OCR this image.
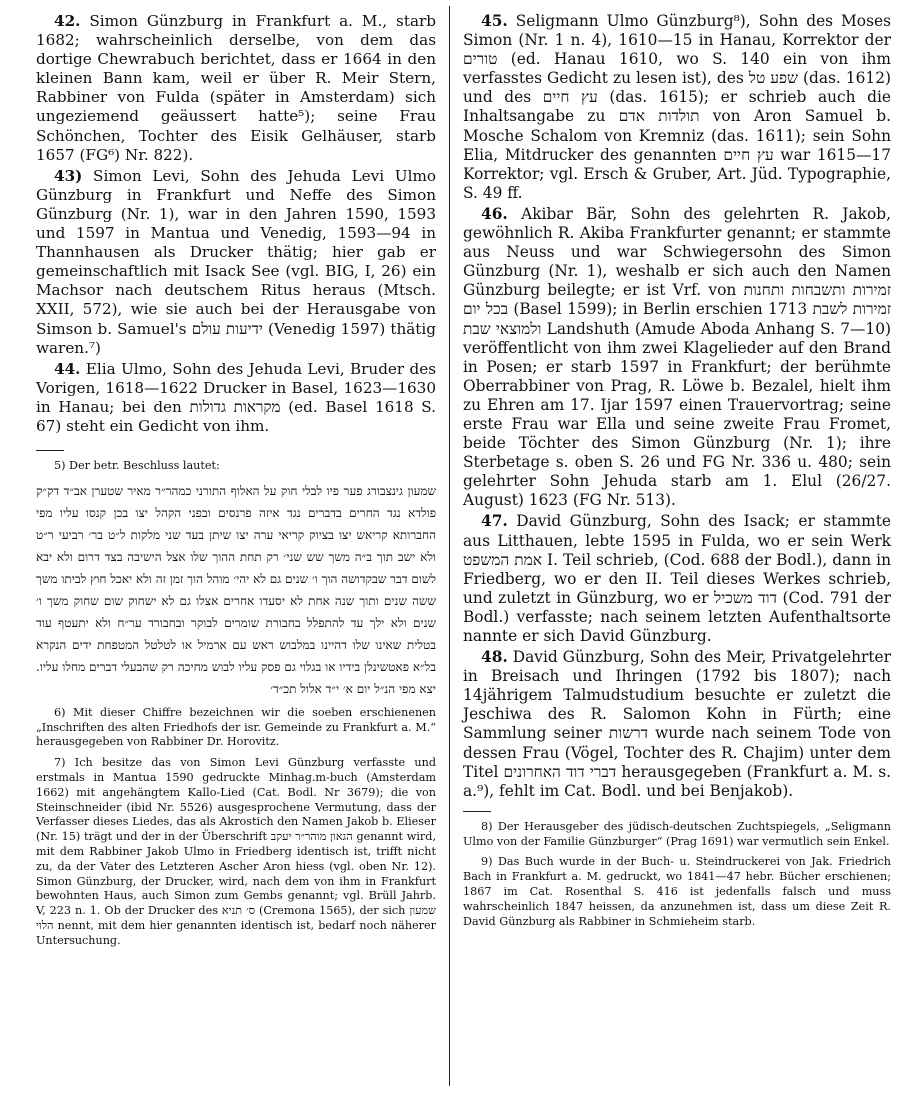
42. Simon Günzburg in Frankfurt a. M., starb 1682; wahrscheinlich derselbe, von dem das dortige Chewrabuch berichtet, dass er 1664 in den kleinen Bann kam, weil er über R. Meir Stern, Rabbiner von Fulda (später in Amsterdam) sich ungeziemend geäussert hatte⁵); seine Frau Schönchen, Tochter des Eisik Gelhäuser, starb 1657 (FG⁶) Nr. 822).

43) Simon Levi, Sohn des Jehuda Levi Ulmo Günzburg in Frankfurt und Neffe des Simon Günzburg (Nr. 1), war in den Jahren 1590, 1593 und 1597 in Mantua und Venedig, 1593—94 in Thannhausen als Drucker thätig; hier gab er gemeinschaftlich mit Isack See (vgl. BIG, I, 26) ein Machsor nach deutschem Ritus heraus (Mtsch. XXII, 572), wie sie auch bei der Herausgabe von Simson b. Samuel's ידיעות עולם (Venedig 1597) thätig waren.⁷)

44. Elia Ulmo, Sohn des Jehuda Levi, Bruder des Vorigen, 1618—1622 Drucker in Basel, 1623—1630 in Hanau; bei den מקראות גדולות (ed. Basel 1618 S. 67) steht ein Gedicht von ihm.

5) Der betr. Beschluss lautet:

שמעון גינצבורג פער פיו לבלי חוק על האלוף התורני כמהר״ר מאיר שטערן אב״ד דק״ק פולדא נגד החרים בדברים נגד איזה פרנסים ובפני הקהל יצו בכן קנסו עליו מפי החברותא קריאש יצו בציוק קריאי ערה יצו שיתן בעד שני מלקות ל״ט בר׳ רביעי ר״ט ולא ישב תוך ב״ה משך שש שני׳ רק תחת ההוך שלו אצל הישיבה בצד דרום ולא יבא לשום דבר שבקדושה הוך ו׳ שנים גם לא יהי׳ מוהל הוך זמן זה ולא יאכל חוץ לביתו משך ששה שנים ותוך שנה אחת לא יסעדו אחרים אצלו גם לא ישחוק שום שחוק משך ו׳ שנים ולא ילך עד להתפלל בחבורת שומרים לבוקר ובחבורד ער״ח ולא יתעטף עוד בטלית שאינו שלו דהיינו במלבוש ראש עם ארמיל או לטלטל המטפחת ידים הנקרא בל״א פאטשינלן בידיו או בגלוי גם פסק עליו לבוש מחיכה רק שהבעלי דברים מחלו עליו. יצא מפי הנ״ל יום א׳ י״ד אלול תכ״ד׳

6) Mit dieser Chiffre bezeichnen wir die soeben erschienenen „Inschriften des alten Friedhofs der isr. Gemeinde zu Frankfurt a. M.“ herausgegeben von Rabbiner Dr. Horovitz.

7) Ich besitze das von Simon Levi Günzburg verfasste und erstmals in Mantua 1590 gedruckte Minhag.m-buch (Amsterdam 1662) mit angehängtem Kallo-Lied (Cat. Bodl. Nr 3679); die von Steinschneider (ibid Nr. 5526) ausgesprochene Vermutung, dass der Verfasser dieses Liedes, das als Akrostich den Namen Jakob b. Elieser (Nr. 15) trägt und der in der Überschrift הגאון מוהר״ר יעקב genannt wird, mit dem Rabbiner Jakob Ulmo in Friedberg identisch ist, trifft nicht zu, da der Vater des Letzteren Ascher Aron hiess (vgl. oben Nr. 12). Simon Günzburg, der Drucker, wird, nach dem von ihm in Frankfurt bewohnten Haus, auch Simon zum Gembs genannt; vgl. Brüll Jahrb. V, 223 n. 1. Ob der Drucker des ס׳ תניא (Cremona 1565), der sich שמעון הלוי nennt, mit dem hier genannten identisch ist, bedarf noch näherer Untersuchung.

45. Seligmann Ulmo Günzburg⁸), Sohn des Moses Simon (Nr. 1 n. 4), 1610—15 in Hanau, Korrektor der טורים (ed. Hanau 1610, wo S. 140 ein von ihm verfasstes Gedicht zu lesen ist), des שפע טל (das. 1612) und des עץ חיים (das. 1615); er schrieb auch die Inhaltsangabe zu תולדות אדם von Aron Samuel b. Mosche Schalom von Kremniz (das. 1611); sein Sohn Elia, Mitdrucker des genannten עץ חיים war 1615—17 Korrektor; vgl. Ersch & Gruber, Art. Jüd. Typographie, S. 49 ff.

46. Akibar Bär, Sohn des gelehrten R. Jakob, gewöhnlich R. Akiba Frankfurter genannt; er stammte aus Neuss und war Schwiegersohn des Simon Günzburg (Nr. 1), weshalb er sich auch den Namen Günzburg beilegte; er ist Vrf. von זמירות ותשבחות ותחנות בכל יום (Basel 1599); in Berlin erschien 1713 זמירות לשבת ולמוצאי שבת Landshuth (Amude Aboda Anhang S. 7—10) veröffentlicht von ihm zwei Klagelieder auf den Brand in Posen; er starb 1597 in Frankfurt; der berühmte Oberrabbiner von Prag, R. Löwe b. Bezalel, hielt ihm zu Ehren am 17. Ijar 1597 einen Trauervortrag; seine erste Frau war Ella und seine zweite Frau Fromet, beide Töchter des Simon Günzburg (Nr. 1); ihre Sterbetage s. oben S. 26 und FG Nr. 336 u. 480; sein gelehrter Sohn Jehuda starb am 1. Elul (26/27. August) 1623 (FG Nr. 513).

47. David Günzburg, Sohn des Isack; er stammte aus Litthauen, lebte 1595 in Fulda, wo er sein Werk אמת המשפט I. Teil schrieb, (Cod. 688 der Bodl.), dann in Friedberg, wo er den II. Teil dieses Werkes schrieb, und zuletzt in Günzburg, wo er דוד משכיל (Cod. 791 der Bodl.) verfasste; nach seinem letzten Aufenthaltsorte nannte er sich David Günzburg.

48. David Günzburg, Sohn des Meir, Privatgelehrter in Breisach und Ihringen (1792 bis 1807); nach 14jährigem Talmudstudium besuchte er zuletzt die Jeschiwa des R. Salomon Kohn in Fürth; eine Sammlung seiner דרשות wurde nach seinem Tode von dessen Frau (Vögel, Tochter des R. Chajim) unter dem Titel דברי דוד האחרונים herausgegeben (Frankfurt a. M. s. a.⁹), fehlt im Cat. Bodl. und bei Benjakob).

8) Der Herausgeber des jüdisch-deutschen Zuchtspiegels, „Seligmann Ulmo von der Familie Günzburger“ (Prag 1691) war vermutlich sein Enkel.

9) Das Buch wurde in der Buch- u. Steindruckerei von Jak. Friedrich Bach in Frankfurt a. M. gedruckt, wo 1841—47 hebr. Bücher erschienen; 1867 im Cat. Rosenthal S. 416 ist jedenfalls falsch und muss wahrscheinlich 1847 heissen, da anzunehmen ist, dass um diese Zeit R. David Günzburg als Rabbiner in Schmieheim starb.
